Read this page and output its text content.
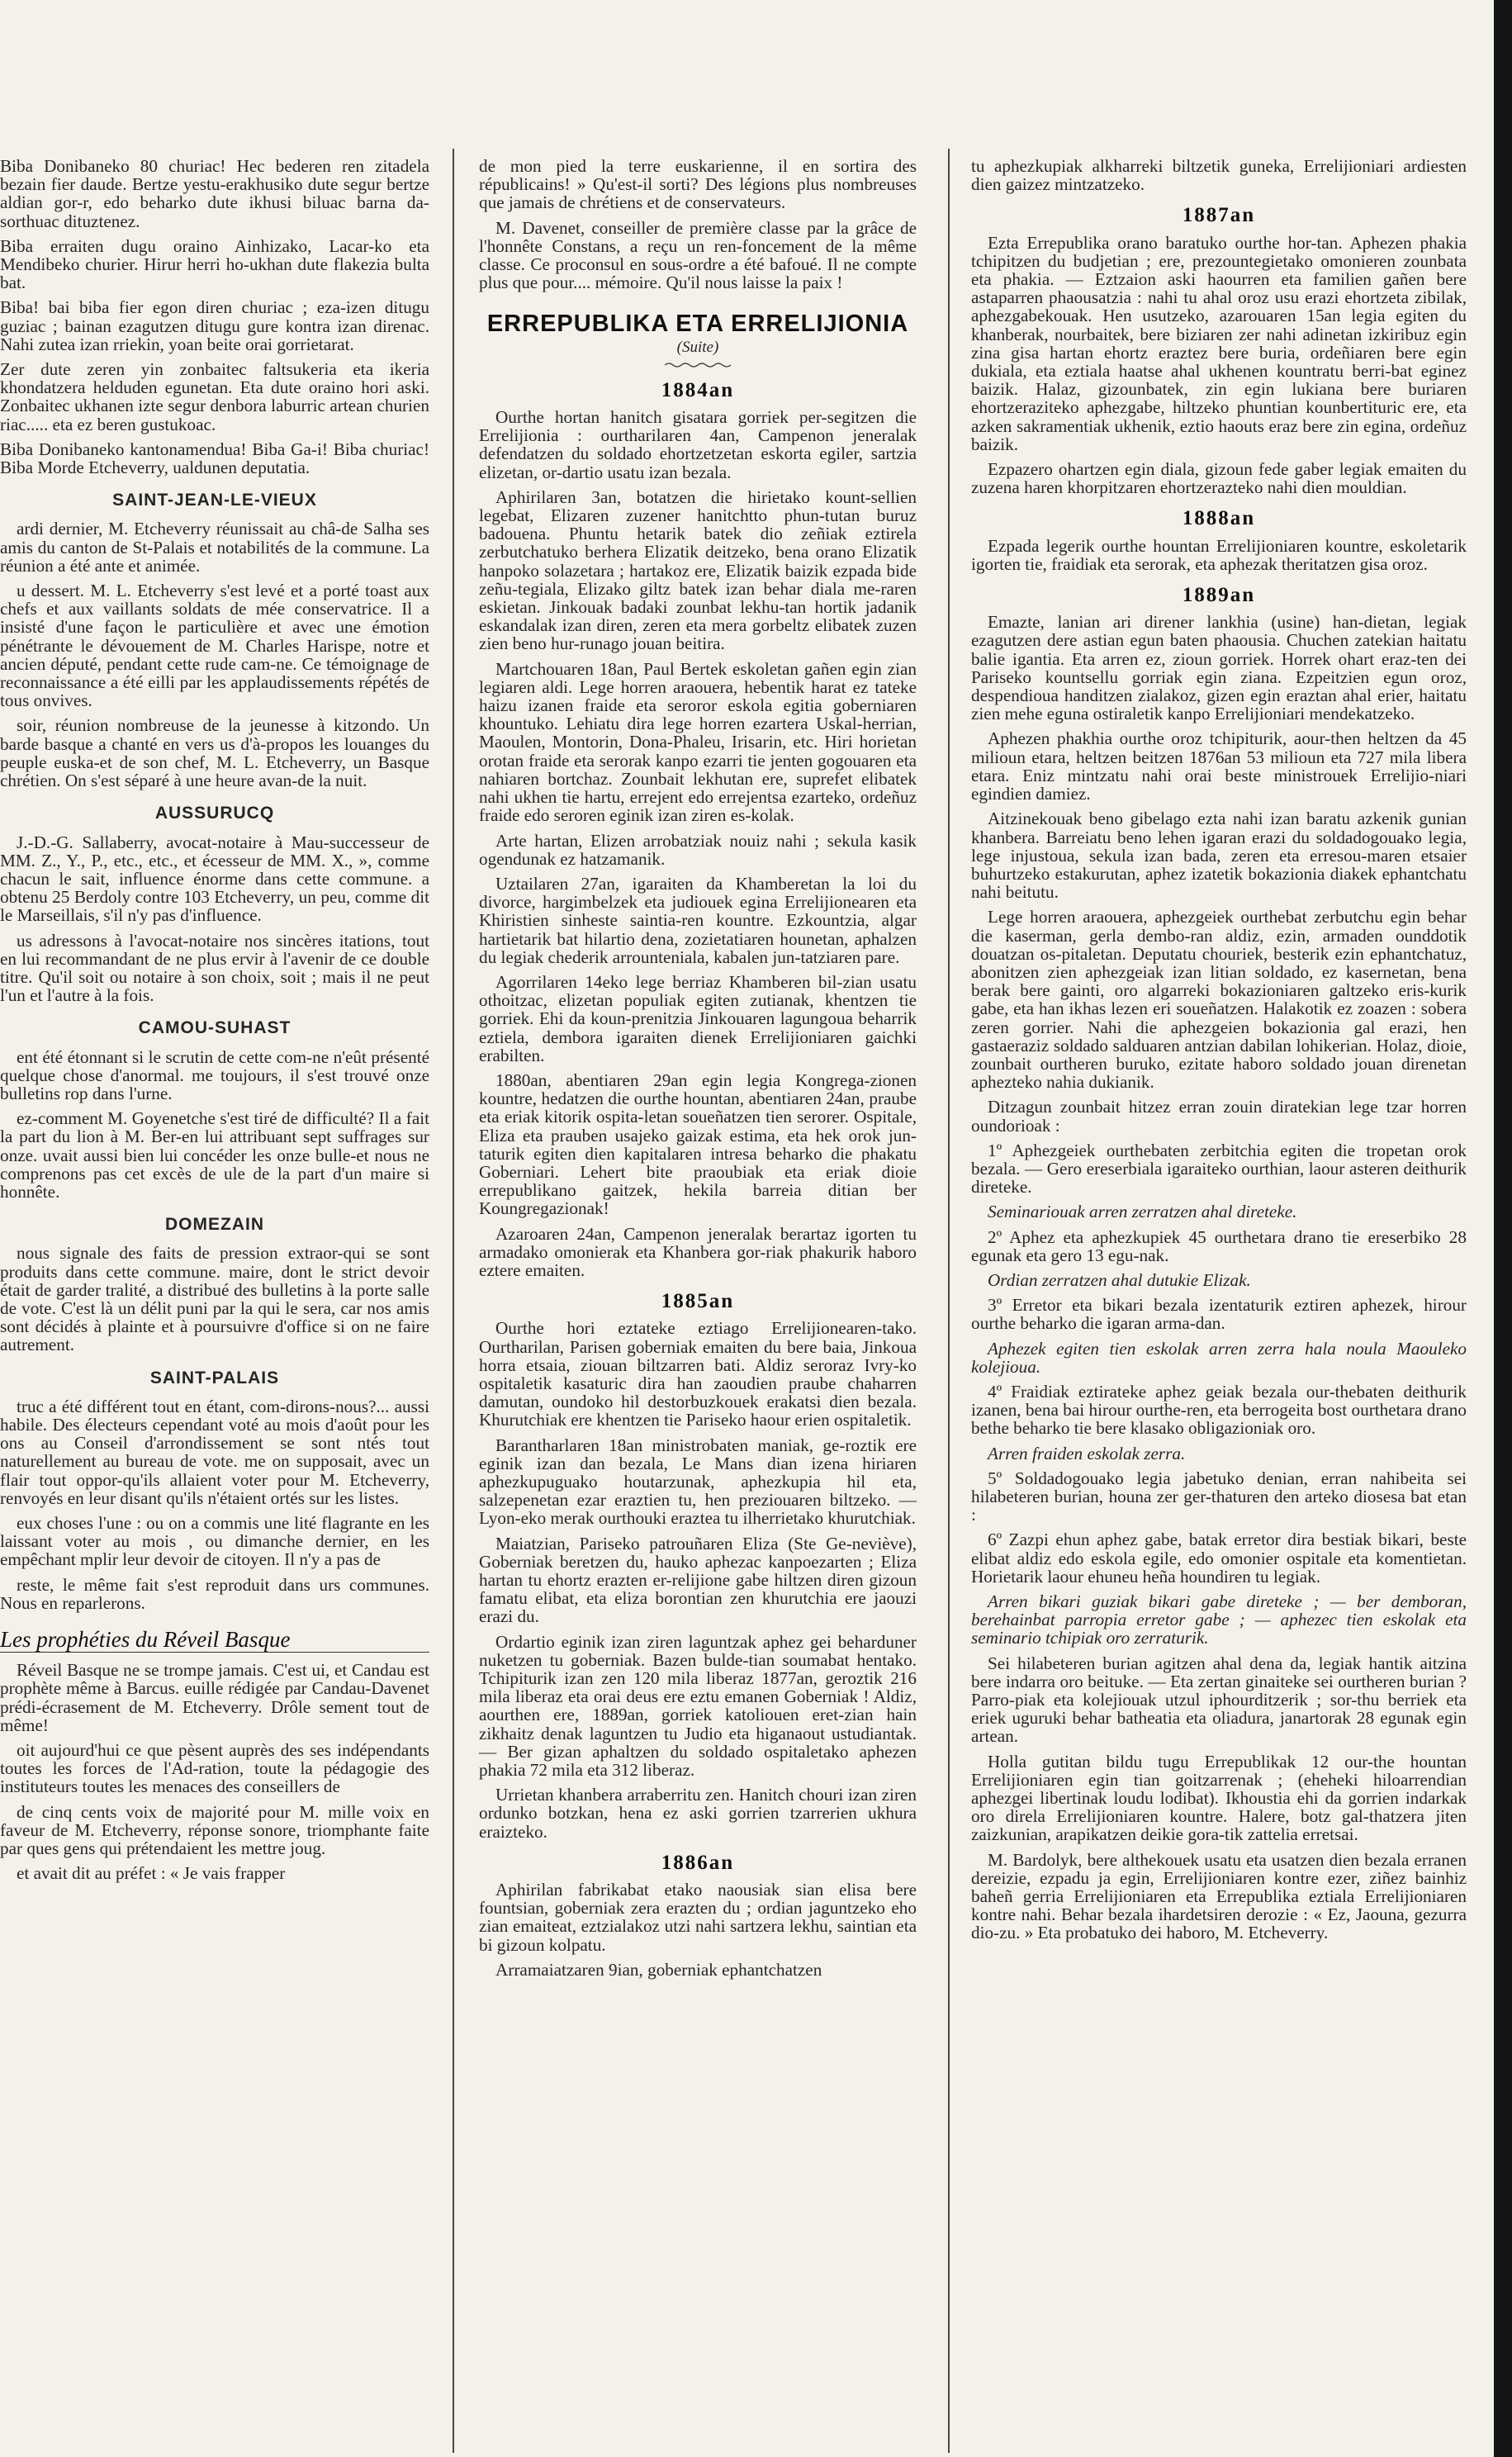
Biba Donibaneko 80 churiac! Hec bederen ren zitadela bezain fier daude. Bertze yestu-erakhusiko dute segur bertze aldian gor-r, edo beharko dute ikhusi biluac barna da-sorthuac dituztenez.

Biba erraiten dugu oraino Ainhizako, Lacar-ko eta Mendibeko churier. Hirur herri ho-ukhan dute flakezia bulta bat.

Biba! bai biba fier egon diren churiac ; eza-izen ditugu guziac ; bainan ezagutzen ditugu gure kontra izan direnac. Nahi zutea izan rriekin, yoan beite orai gorrietarat.

Zer dute zeren yin zonbaitec faltsukeria eta ikeria khondatzera helduden egunetan. Eta dute oraino hori aski. Zonbaitec ukhanen izte segur denbora laburric artean churien riac..... eta ez beren gustukoac.

Biba Donibaneko kantonamendua! Biba Ga-i! Biba churiac! Biba Morde Etcheverry, ualdunen deputatia.

SAINT-JEAN-LE-VIEUX

ardi dernier, M. Etcheverry réunissait au châ-de Salha ses amis du canton de St-Palais et notabilités de la commune. La réunion a été ante et animée.

u dessert. M. L. Etcheverry s'est levé et a porté toast aux chefs et aux vaillants soldats de mée conservatrice. Il a insisté d'une façon le particulière et avec une émotion pénétrante le dévouement de M. Charles Harispe, notre et ancien député, pendant cette rude cam-ne. Ce témoignage de reconnaissance a été eilli par les applaudissements répétés de tous onvives.

soir, réunion nombreuse de la jeunesse à kitzondo. Un barde basque a chanté en vers us d'à-propos les louanges du peuple euska-et de son chef, M. L. Etcheverry, un Basque chrétien. On s'est séparé à une heure avan-de la nuit.

AUSSURUCQ

J.-D.-G. Sallaberry, avocat-notaire à Mau-successeur de MM. Z., Y., P., etc., etc., et écesseur de MM. X., », comme chacun le sait, influence énorme dans cette commune. a obtenu 25 Berdoly contre 103 Etcheverry, un peu, comme dit le Marseillais, s'il n'y pas d'influence.

us adressons à l'avocat-notaire nos sincères itations, tout en lui recommandant de ne plus ervir à l'avenir de ce double titre. Qu'il soit ou notaire à son choix, soit ; mais il ne peut l'un et l'autre à la fois.

CAMOU-SUHAST

ent été étonnant si le scrutin de cette com-ne n'eût présenté quelque chose d'anormal. me toujours, il s'est trouvé onze bulletins rop dans l'urne.

ez-comment M. Goyenetche s'est tiré de difficulté? Il a fait la part du lion à M. Ber-en lui attribuant sept suffrages sur onze. uvait aussi bien lui concéder les onze bulle-et nous ne comprenons pas cet excès de ule de la part d'un maire si honnête.

DOMEZAIN

nous signale des faits de pression extraor-qui se sont produits dans cette commune. maire, dont le strict devoir était de garder tralité, a distribué des bulletins à la porte salle de vote. C'est là un délit puni par la qui le sera, car nos amis sont décidés à plainte et à poursuivre d'office si on ne faire autrement.

SAINT-PALAIS

truc a été différent tout en étant, com-dirons-nous?... aussi habile. Des électeurs cependant voté au mois d'août pour les ons au Conseil d'arrondissement se sont ntés tout naturellement au bureau de vote. me on supposait, avec un flair tout oppor-qu'ils allaient voter pour M. Etcheverry, renvoyés en leur disant qu'ils n'étaient ortés sur les listes.

eux choses l'une : ou on a commis une lité flagrante en les laissant voter au mois , ou dimanche dernier, en les empêchant mplir leur devoir de citoyen. Il n'y a pas de

reste, le même fait s'est reproduit dans urs communes. Nous en reparlerons.

Les prophéties du Réveil Basque

Réveil Basque ne se trompe jamais. C'est ui, et Candau est prophète même à Barcus. euille rédigée par Candau-Davenet prédi-écrasement de M. Etcheverry. Drôle sement tout de même!

oit aujourd'hui ce que pèsent auprès des ses indépendants toutes les forces de l'Ad-ration, toute la pédagogie des instituteurs toutes les menaces des conseillers de

de cinq cents voix de majorité pour M. mille voix en faveur de M. Etcheverry, réponse sonore, triomphante faite par ques gens qui prétendaient les mettre joug.

et avait dit au préfet : « Je vais frapper

de mon pied la terre euskarienne, il en sortira des républicains! » Qu'est-il sorti? Des légions plus nombreuses que jamais de chrétiens et de conservateurs.

M. Davenet, conseiller de première classe par la grâce de l'honnête Constans, a reçu un ren-foncement de la même classe. Ce proconsul en sous-ordre a été bafoué. Il ne compte plus que pour.... mémoire. Qu'il nous laisse la paix !

ERREPUBLIKA ETA ERRELIJIONIA
(Suite)
1884an

Ourthe hortan hanitch gisatara gorriek per-segitzen die Errelijionia : ourtharilaren 4an, Campenon jeneralak defendatzen du soldado ehortzetzetan eskorta egiler, sartzia elizetan, or-dartio usatu izan bezala.

Aphirilaren 3an, botatzen die hirietako kount-sellien legebat, Elizaren zuzener hanitchtto phun-tutan buruz badouena. Phuntu hetarik batek dio zeñiak eztirela zerbutchatuko berhera Elizatik deitzeko, bena orano Elizatik hanpoko solazetara ; hartakoz ere, Elizatik baizik ezpada bide zeñu-tegiala, Elizako giltz batek izan behar diala me-raren eskietan. Jinkouak badaki zounbat lekhu-tan hortik jadanik eskandalak izan diren, zeren eta mera gorbeltz elibatek zuzen zien beno hur-runago jouan beitira.

Martchouaren 18an, Paul Bertek eskoletan gañen egin zian legiaren aldi. Lege horren araouera, hebentik harat ez tateke haizu izanen fraide eta seroror eskola egitia goberniaren khountuko. Lehiatu dira lege horren ezartera Uskal-herrian, Maoulen, Montorin, Dona-Phaleu, Irisarin, etc. Hiri horietan orotan fraide eta serorak kanpo ezarri tie jenten gogouaren eta nahiaren bortchaz. Zounbait lekhutan ere, suprefet elibatek nahi ukhen tie hartu, errejent edo errejentsa ezarteko, ordeñuz fraide edo seroren eginik izan ziren es-kolak.

Arte hartan, Elizen arrobatziak nouiz nahi ; sekula kasik ogendunak ez hatzamanik.

Uztailaren 27an, igaraiten da Khamberetan la loi du divorce, hargimbelzek eta judiouek egina Errelijionearen eta Khiristien sinheste saintia-ren kountre. Ezkountzia, algar hartietarik bat hilartio dena, zozietatiaren hounetan, aphalzen du legiak chederik arrounteniala, kabalen jun-tatziaren pare.

Agorrilaren 14eko lege berriaz Khamberen bil-zian usatu othoitzac, elizetan populiak egiten zutianak, khentzen tie gorriek. Ehi da koun-prenitzia Jinkouaren lagungoua beharrik eztiela, dembora igaraiten dienek Errelijioniaren gaichki erabilten.

1880an, abentiaren 29an egin legia Kongrega-zionen kountre, hedatzen die ourthe hountan, abentiaren 24an, praube eta eriak kitorik ospita-letan soueñatzen tien serorer. Ospitale, Eliza eta prauben usajeko gaizak estima, eta hek orok jun-taturik egiten dien kapitalaren intresa beharko die phakatu Goberniari. Lehert bite praoubiak eta eriak dioie errepublikano gaitzek, hekila barreia ditian ber Koungregazionak!

Azaroaren 24an, Campenon jeneralak berartaz igorten tu armadako omonierak eta Khanbera gor-riak phakurik haboro eztere emaiten.

1885an

Ourthe hori eztateke eztiago Errelijionearen-tako. Ourtharilan, Parisen goberniak emaiten du bere baia, Jinkoua horra etsaia, ziouan biltzarren bati. Aldiz seroraz Ivry-ko ospitaletik kasaturic dira han zaoudien praube chaharren damutan, oundoko hil destorbuzkouek erakatsi dien bezala. Khurutchiak ere khentzen tie Pariseko haour erien ospitaletik.

Barantharlaren 18an ministrobaten maniak, ge-roztik ere eginik izan dan bezala, Le Mans dian izena hiriaren aphezkupuguako houtarzunak, aphezkupia hil eta, salzepenetan ezar eraztien tu, hen preziouaren biltzeko. — Lyon-eko merak ourthouki eraztea tu ilherrietako khurutchiak.

Maiatzian, Pariseko patrouñaren Eliza (Ste Ge-neviève), Goberniak beretzen du, hauko aphezac kanpoezarten ; Eliza hartan tu ehortz erazten er-relijione gabe hiltzen diren gizoun famatu elibat, eta eliza borontian zen khurutchia ere jaouzi erazi du.

Ordartio eginik izan ziren laguntzak aphez gei beharduner nuketzen tu goberniak. Bazen bulde-tian soumabat hentako. Tchipiturik izan zen 120 mila liberaz 1877an, geroztik 216 mila liberaz eta orai deus ere eztu emanen Goberniak ! Aldiz, aourthen ere, 1889an, gorriek katoliouen eret-zian hain zikhaitz denak laguntzen tu Judio eta higanaout ustudiantak. — Ber gizan aphaltzen du soldado ospitaletako aphezen phakia 72 mila eta 312 liberaz.

Urrietan khanbera arraberritu zen. Hanitch chouri izan ziren ordunko botzkan, hena ez aski gorrien tzarrerien ukhura eraizteko.

1886an

Aphirilan fabrikabat etako naousiak sian elisa bere fountsian, goberniak zera erazten du ; ordian jaguntzeko eho zian emaiteat, eztzialakoz utzi nahi sartzera lekhu, saintian eta bi gizoun kolpatu.

Arramaiatzaren 9ian, goberniak ephantchatzen

tu aphezkupiak alkharreki biltzetik guneka, Errelijioniari ardiesten dien gaizez mintzatzeko.

1887an

Ezta Errepublika orano baratuko ourthe hor-tan. Aphezen phakia tchipitzen du budjetian ; ere, prezountegietako omonieren zounbata eta phakia. — Eztzaion aski haourren eta familien gañen bere astaparren phaousatzia : nahi tu ahal oroz usu erazi ehortzeta zibilak, aphezgabekouak. Hen usutzeko, azarouaren 15an legia egiten du khanberak, nourbaitek, bere biziaren zer nahi adinetan izkiribuz egin zina gisa hartan ehortz eraztez bere buria, ordeñiaren bere egin dukiala, eta eztiala haatse ahal ukhenen kountratu berri-bat eginez baizik. Halaz, gizounbatek, zin egin lukiana bere buriaren ehortzeraziteko aphezgabe, hiltzeko phuntian kounbertituric ere, eta azken sakramentiak ukhenik, eztio haouts eraz bere zin egina, ordeñuz baizik.

Ezpazero ohartzen egin diala, gizoun fede gaber legiak emaiten du zuzena haren khorpitzaren ehortzerazteko nahi dien mouldian.

1888an

Ezpada legerik ourthe hountan Errelijioniaren kountre, eskoletarik igorten tie, fraidiak eta serorak, eta aphezak theritatzen gisa oroz.

1889an

Emazte, lanian ari direner lankhia (usine) han-dietan, legiak ezagutzen dere astian egun baten phaousia. Chuchen zatekian haitatu balie igantia. Eta arren ez, zioun gorriek. Horrek ohart eraz-ten dei Pariseko kountsellu gorriak egin ziana. Ezpeitzien egun oroz, despendioua handitzen zialakoz, gizen egin eraztan ahal erier, haitatu zien mehe eguna ostiraletik kanpo Errelijioniari mendekatzeko.

Aphezen phakhia ourthe oroz tchipiturik, aour-then heltzen da 45 milioun etara, heltzen beitzen 1876an 53 milioun eta 727 mila libera etara. Eniz mintzatu nahi orai beste ministrouek Errelijio-niari egindien damiez.

Aitzinekouak beno gibelago ezta nahi izan baratu azkenik gunian khanbera. Barreiatu beno lehen igaran erazi du soldadogouako legia, lege injustoua, sekula izan bada, zeren eta erresou-maren etsaier buhurtzeko estakurutan, aphez izatetik bokazionia diakek ephantchatu nahi beitutu.

Lege horren araouera, aphezgeiek ourthebat zerbutchu egin behar die kaserman, gerla dembo-ran aldiz, ezin, armaden ounddotik douatzan os-pitaletan. Deputatu chouriek, besterik ezin ephantchatuz, abonitzen zien aphezgeiak izan litian soldado, ez kasernetan, bena berak bere gainti, oro algarreki bokazioniaren galtzeko eris-kurik gabe, eta han ikhas lezen eri soueñatzen. Halakotik ez zoazen : sobera zeren gorrier. Nahi die aphezgeien bokazionia gal erazi, hen gastaeraziz soldado salduaren antzian dabilan lohikerian. Holaz, dioie, zounbait ourtheren buruko, ezitate haboro soldado jouan direnetan aphezteko nahia dukianik.

Ditzagun zounbait hitzez erran zouin diratekian lege tzar horren oundorioak :

1º Aphezgeiek ourthebaten zerbitchia egiten die tropetan orok bezala. — Gero ereserbiala igaraiteko ourthian, laour asteren deithurik direteke.

Seminariouak arren zerratzen ahal direteke.

2º Aphez eta aphezkupiek 45 ourthetara drano tie ereserbiko 28 egunak eta gero 13 egu-nak.

Ordian zerratzen ahal dutukie Elizak.

3º Erretor eta bikari bezala izentaturik eztiren aphezek, hirour ourthe beharko die igaran arma-dan.

Aphezek egiten tien eskolak arren zerra hala noula Maouleko kolejioua.

4º Fraidiak eztirateke aphez geiak bezala our-thebaten deithurik izanen, bena bai hirour ourthe-ren, eta berrogeita bost ourthetara drano bethe beharko tie bere klasako obligazioniak oro.

Arren fraiden eskolak zerra.

5º Soldadogouako legia jabetuko denian, erran nahibeita sei hilabeteren burian, houna zer ger-thaturen den arteko diosesa bat etan :

6º Zazpi ehun aphez gabe, batak erretor dira bestiak bikari, beste elibat aldiz edo eskola egile, edo omonier ospitale eta komentietan. Horietarik laour ehuneu heña houndiren tu legiak.

Arren bikari guziak bikari gabe direteke ; — ber demboran, berehainbat parropia erretor gabe ; — aphezec tien eskolak eta seminario tchipiak oro zerraturik.

Sei hilabeteren burian agitzen ahal dena da, legiak hantik aitzina bere indarra oro beituke. — Eta zertan ginaiteke sei ourtheren burian ? Parro-piak eta kolejiouak utzul iphourditzerik ; sor-thu berriek eta eriek uguruki behar batheatia eta oliadura, janartorak 28 egunak egin artean.

Holla gutitan bildu tugu Errepublikak 12 our-the hountan Errelijioniaren egin tian goitzarrenak ; (eheheki hiloarrendian aphezgei libertinak loudu lodibat). Ikhoustia ehi da gorrien indarkak oro direla Errelijioniaren kountre. Halere, botz gal-thatzera jiten zaizkunian, arapikatzen deikie gora-tik zattelia erretsai.

M. Bardolyk, bere althekouek usatu eta usatzen dien bezala erranen dereizie, ezpadu ja egin, Errelijioniaren kontre ezer, ziñez bainhiz baheñ gerria Errelijioniaren eta Errepublika eztiala Errelijioniaren kontre nahi. Behar bezala ihardetsiren derozie : « Ez, Jaouna, gezurra dio-zu. » Eta probatuko dei haboro, M. Etcheverry.
